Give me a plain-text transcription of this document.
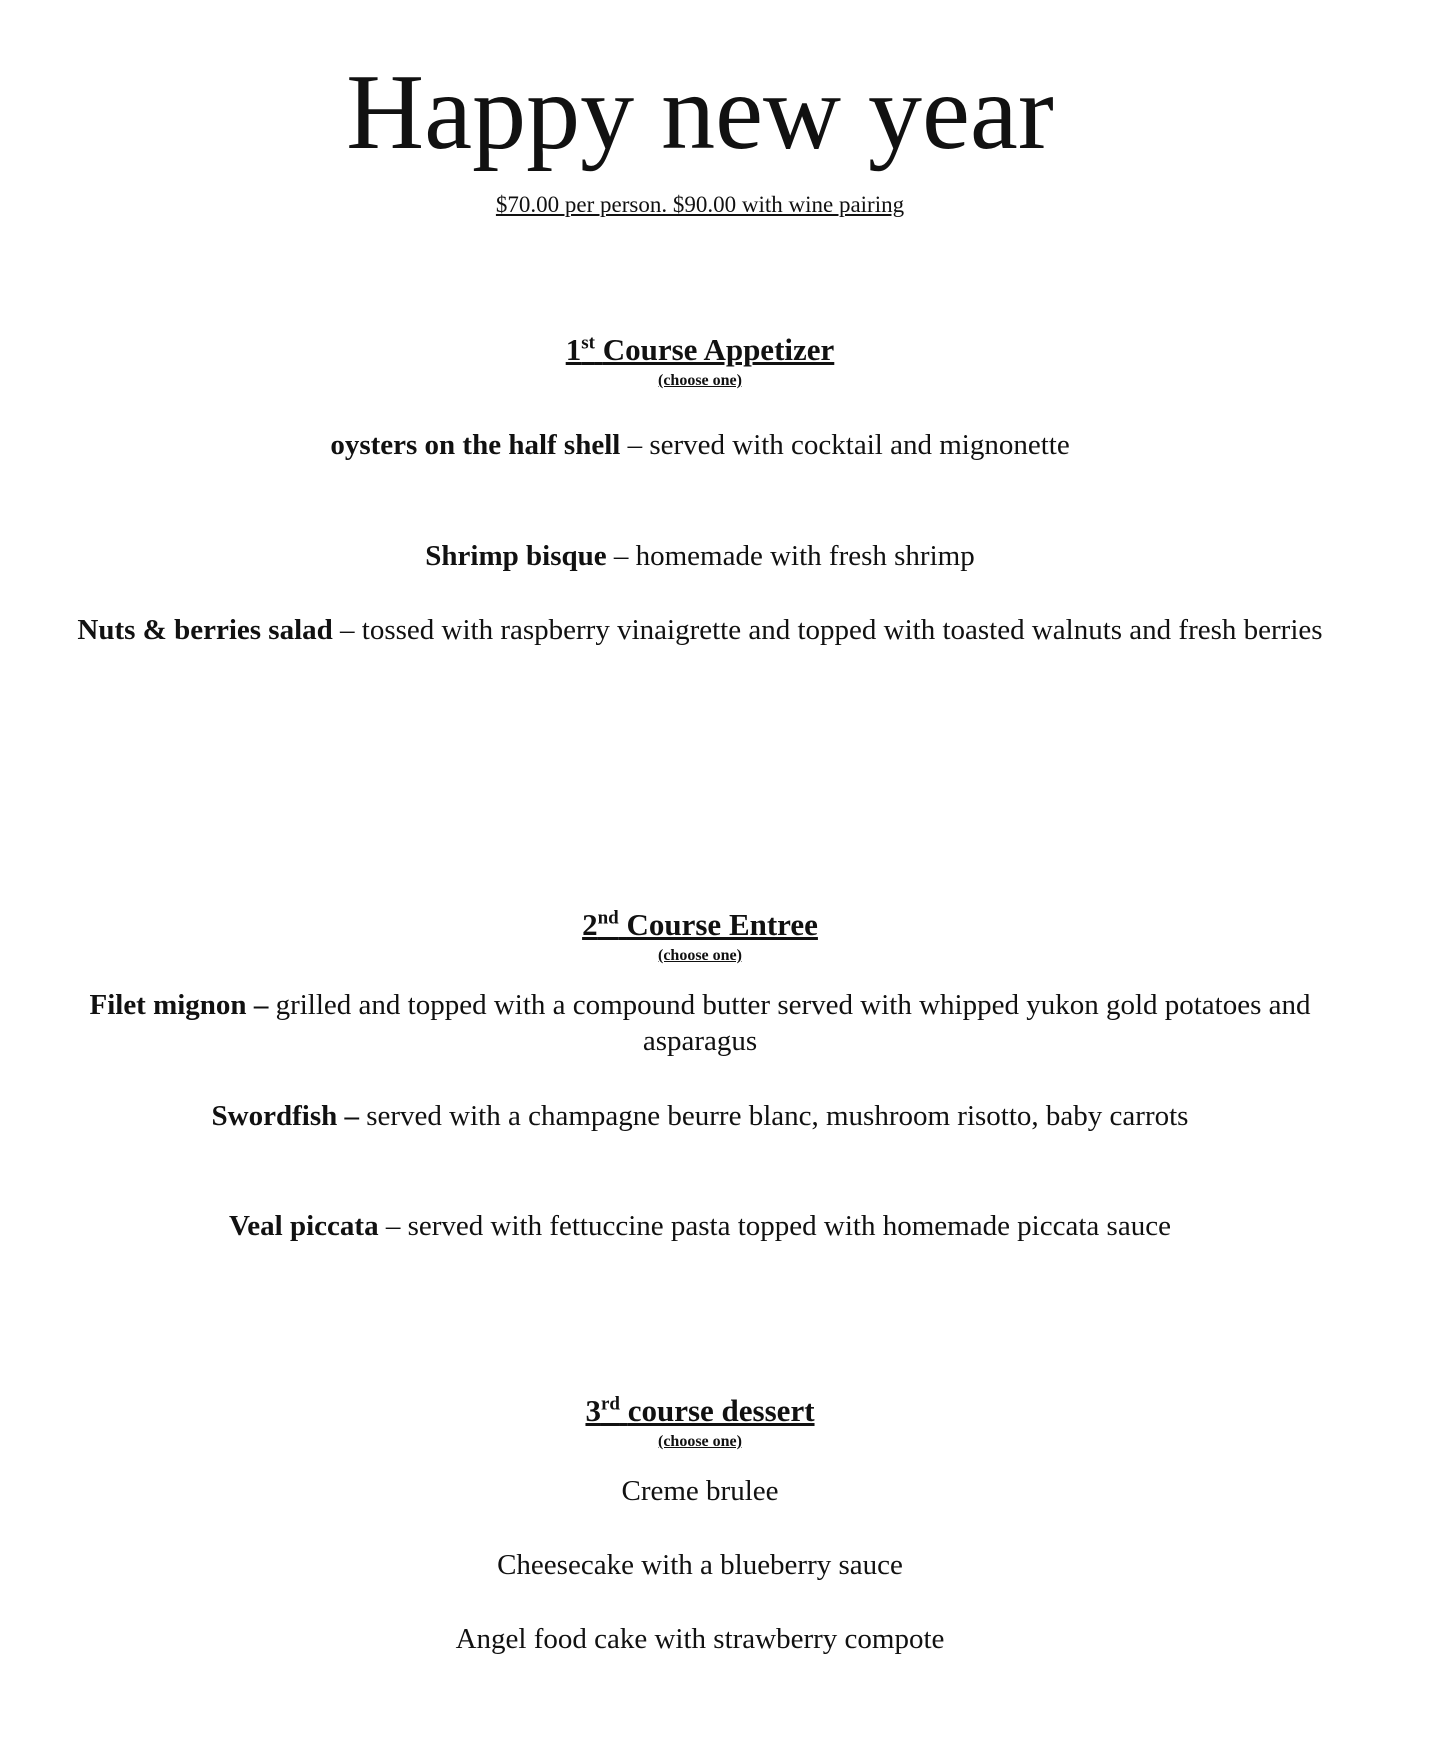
Happy new year
$70.00 per person. $90.00 with wine pairing
1st Course Appetizer
(choose one)
oysters on the half shell – served with cocktail and mignonette
Shrimp bisque – homemade with fresh shrimp
Nuts & berries salad – tossed with raspberry vinaigrette and topped with toasted walnuts and fresh berries
2nd Course Entree
(choose one)
Filet mignon – grilled and topped with a compound butter served with whipped yukon gold potatoes and asparagus
Swordfish – served with a champagne beurre blanc, mushroom risotto, baby carrots
Veal piccata – served with fettuccine pasta topped with homemade piccata sauce
3rd course dessert
(choose one)
Creme brulee
Cheesecake with a blueberry sauce
Angel food cake with strawberry compote
